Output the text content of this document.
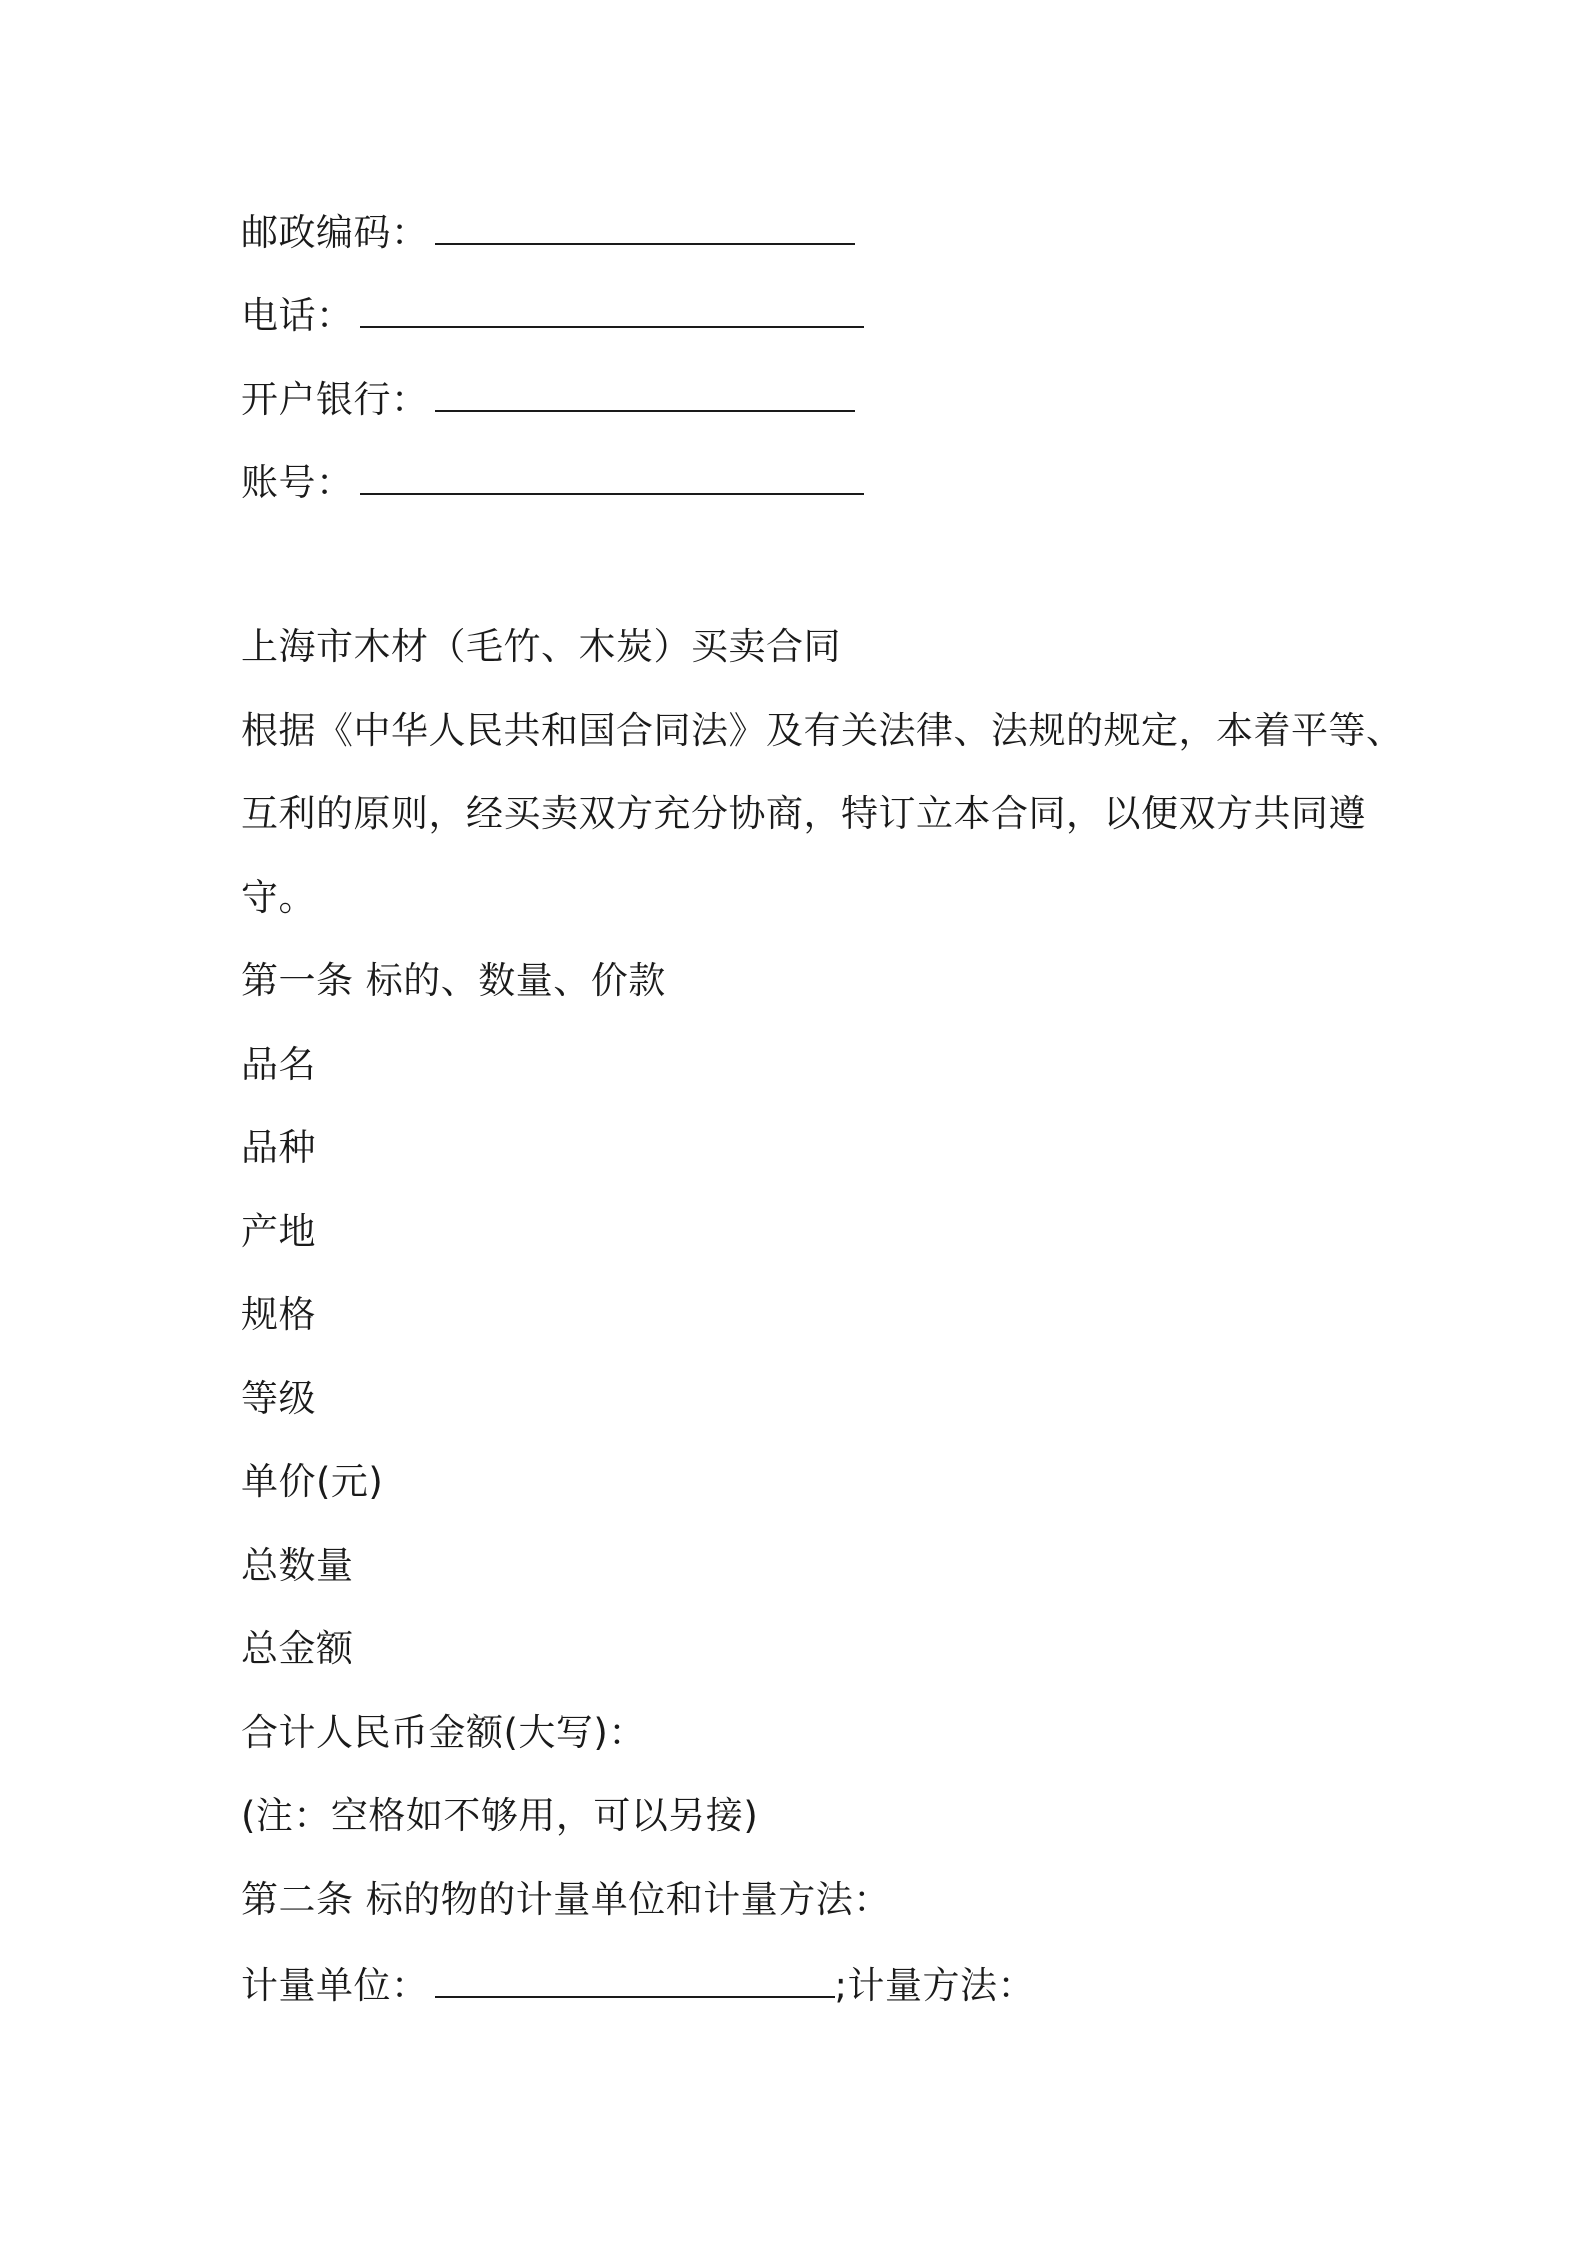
邮政编码：
电话：
开户银行：
账号：
上海市木材（毛竹、木炭）买卖合同
根据《中华人民共和国合同法》及有关法律、法规的规定，本着平等、
互利的原则，经买卖双方充分协商，特订立本合同，以便双方共同遵
守。
第一条 标的、数量、价款
品名
品种
产地
规格
等级
单价(元)
总数量
总金额
合计人民币金额(大写)：
(注：空格如不够用，可以另接)
第二条 标的物的计量单位和计量方法：
计量单位：	;计量方法：
